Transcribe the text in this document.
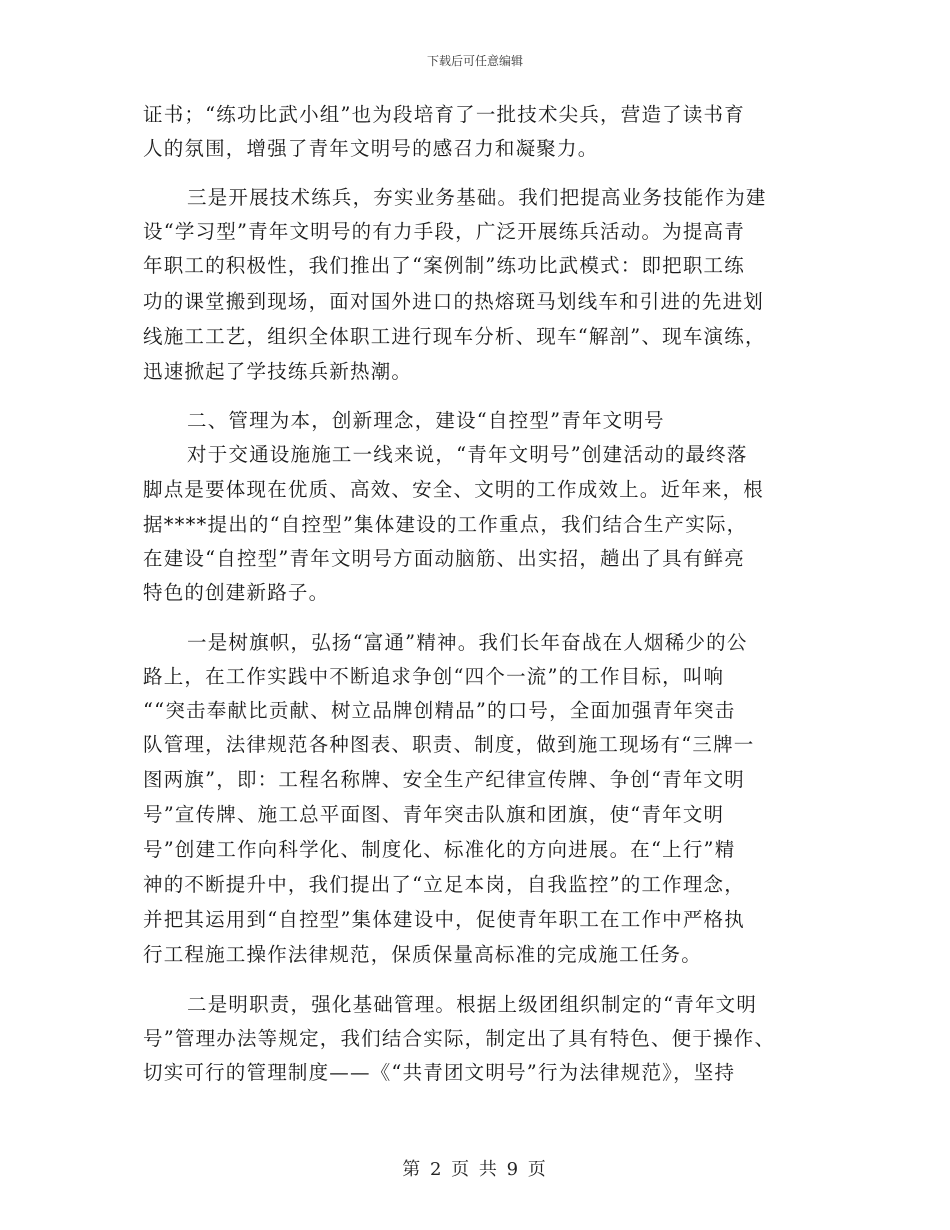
下载后可任意编辑
证书；“练功比武小组”也为段培育了一批技术尖兵，营造了读书育
人的氛围，增强了青年文明号的感召力和凝聚力。
三是开展技术练兵，夯实业务基础。我们把提高业务技能作为建
设“学习型”青年文明号的有力手段，广泛开展练兵活动。为提高青
年职工的积极性，我们推出了“案例制”练功比武模式：即把职工练
功的课堂搬到现场，面对国外进口的热熔斑马划线车和引进的先进划
线施工工艺，组织全体职工进行现车分析、现车“解剖”、现车演练，
迅速掀起了学技练兵新热潮。
二、管理为本，创新理念，建设“自控型”青年文明号
对于交通设施施工一线来说，“青年文明号”创建活动的最终落
脚点是要体现在优质、高效、安全、文明的工作成效上。近年来，根
据****提出的“自控型”集体建设的工作重点，我们结合生产实际，
在建设“自控型”青年文明号方面动脑筋、出实招，趟出了具有鲜亮
特色的创建新路子。
一是树旗帜，弘扬“富通”精神。我们长年奋战在人烟稀少的公
路上，在工作实践中不断追求争创“四个一流”的工作目标，叫响
““突击奉献比贡献、树立品牌创精品”的口号，全面加强青年突击
队管理，法律规范各种图表、职责、制度，做到施工现场有“三牌一
图两旗”，即：工程名称牌、安全生产纪律宣传牌、争创“青年文明
号”宣传牌、施工总平面图、青年突击队旗和团旗，使“青年文明
号”创建工作向科学化、制度化、标准化的方向进展。在“上行”精
神的不断提升中，我们提出了“立足本岗，自我监控”的工作理念，
并把其运用到“自控型”集体建设中，促使青年职工在工作中严格执
行工程施工操作法律规范，保质保量高标准的完成施工任务。
二是明职责，强化基础管理。根据上级团组织制定的“青年文明
号”管理办法等规定，我们结合实际，制定出了具有特色、便于操作、
切实可行的管理制度——《“共青团文明号”行为法律规范》，坚持
第 2 页 共 9 页
